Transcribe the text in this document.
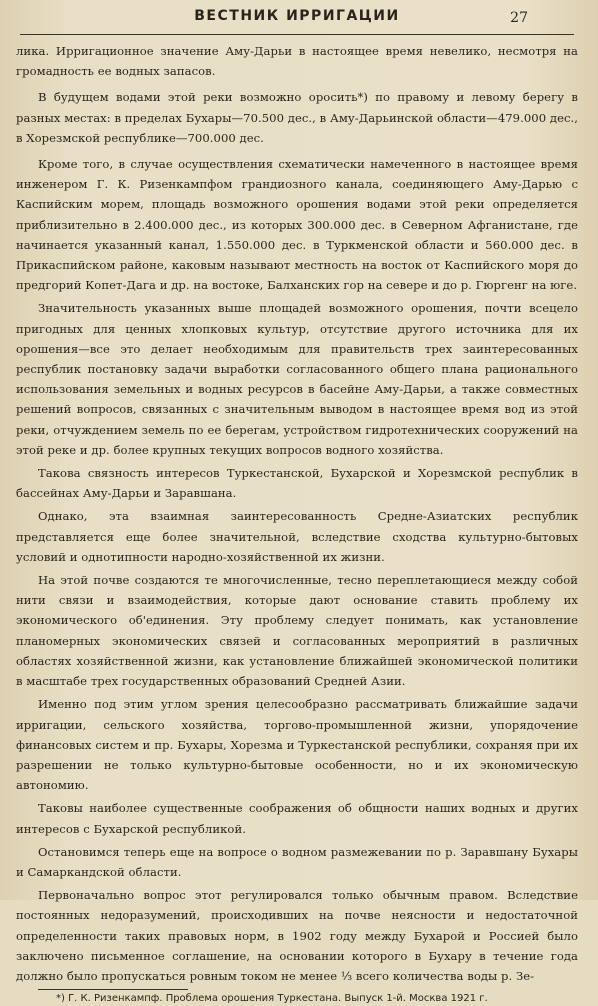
ВЕСТНИК ИРРИГАЦИИ	27

лика. Ирригационное значение Аму-Дарьи в настоящее время невелико, несмотря на громадность ее водных запасов.

В будущем водами этой реки возможно оросить*) по правому и левому берегу в разных местах: в пределах Бухары—70.500 дес., в Аму-Дарьинской области—479.000 дес., в Хорезмской республике—700.000 дес.

Кроме того, в случае осуществления схематически намеченного в настоящее время инженером Г. К. Ризенкампфом грандиозного канала, соединяющего Аму-Дарью с Каспийским морем, площадь возможного орошения водами этой реки определяется приблизительно в 2.400.000 дес., из которых 300.000 дес. в Северном Афганистане, где начинается указанный канал, 1.550.000 дес. в Туркменской области и 560.000 дес. в Прикаспийском районе, каковым называют местность на восток от Каспийского моря до предгорий Копет-Дага и др. на востоке, Балханских гор на севере и до р. Гюргенг на юге.

Значительность указанных выше площадей возможного орошения, почти всецело пригодных для ценных хлопковых культур, отсутствие другого источника для их орошения—все это делает необходимым для правительств трех заинтересованных республик постановку задачи выработки согласованного общего плана рационального использования земельных и водных ресурсов в басейне Аму-Дарьи, а также совместных решений вопросов, связанных с значительным выводом в настоящее время вод из этой реки, отчуждением земель по ее берегам, устройством гидротехнических сооружений на этой реке и др. более крупных текущих вопросов водного хозяйства.

Такова связность интересов Туркестанской, Бухарской и Хорезмской республик в бассейнах Аму-Дарьи и Заравшана.

Однако, эта взаимная заинтересованность Средне-Азиатских республик представляется еще более значительной, вследствие сходства культурно-бытовых условий и однотипности народно-хозяйственной их жизни.

На этой почве создаются те многочисленные, тесно переплетающиеся между собой нити связи и взаимодействия, которые дают основание ставить проблему их экономического об'единения. Эту проблему следует понимать, как установление планомерных экономических связей и согласованных мероприятий в различных областях хозяйственной жизни, как установление ближайшей экономической политики в масштабе трех государственных образований Средней Азии.

Именно под этим углом зрения целесообразно рассматривать ближайшие задачи ирригации, сельского хозяйства, торгово-промышленной жизни, упорядочение финансовых систем и пр. Бухары, Хорезма и Туркестанской республики, сохраняя при их разрешении не только культурно-бытовые особенности, но и их экономическую автономию.

Таковы наиболее существенные соображения об общности наших водных и других интересов с Бухарской республикой.

Остановимся теперь еще на вопросе о водном размежевании по р. Заравшану Бухары и Самаркандской области.

Первоначально вопрос этот регулировался только обычным правом. Вследствие постоянных недоразумений, происходивших на почве неясности и недостаточной определенности таких правовых норм, в 1902 году между Бухарой и Россией было заключено письменное соглашение, на основании которого в Бухару в течение года должно было пропускаться ровным током не менее ⅓ всего количества воды р. Зе-

*) Г. К. Ризенкампф. Проблема орошения Туркестана. Выпуск 1-й. Москва 1921 г.
